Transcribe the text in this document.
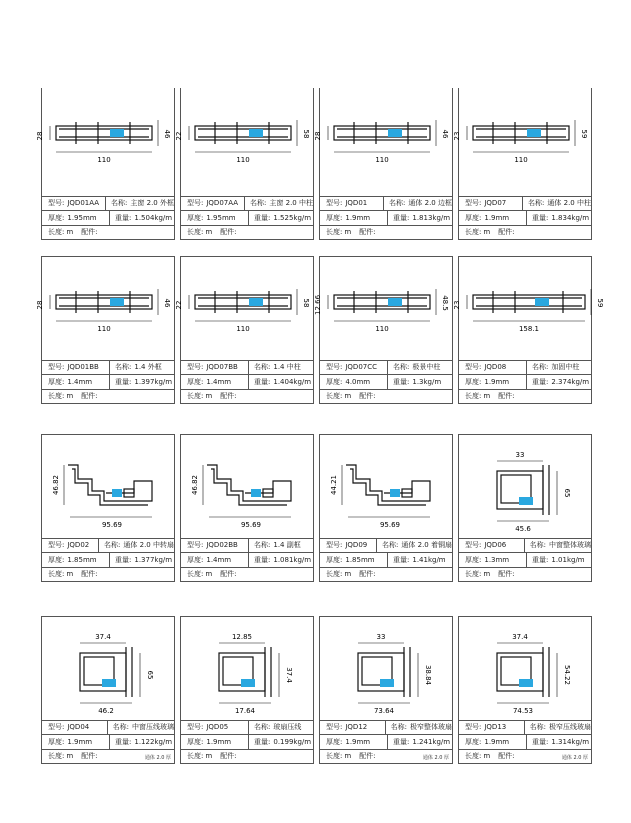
28	46
110
型号: JQD01AA	名称: 主窗 2.0 外框
厚度: 1.95mm	重量: 1.504kg/m
长度: m	配件:
22	58
110
型号: JQD07AA	名称: 主窗 2.0 中柱
厚度: 1.95mm	重量: 1.525kg/m
长度: m	配件:
28	46
110
型号: JQD01	名称: 通体 2.0 边框
厚度: 1.9mm	重量: 1.813kg/m
长度: m	配件:
23	59
110
型号: JQD07	名称: 通体 2.0 中柱
厚度: 1.9mm	重量: 1.834kg/m
长度: m	配件:
28	46
110
型号: JQD01BB	名称: 1.4 外框
厚度: 1.4mm	重量: 1.397kg/m
长度: m	配件:
22	58
110
型号: JQD07BB	名称: 1.4 中柱
厚度: 1.4mm	重量: 1.404kg/m
长度: m	配件:
12.66	48.5
110
型号: JQD07CC	名称: 极景中柱
厚度: 4.0mm	重量: 1.3kg/m
长度: m	配件:
23	59
158.1
型号: JQD08	名称: 加固中柱
厚度: 1.9mm	重量: 2.374kg/m
长度: m	配件:
46.82
95.69
型号: JQD02	名称: 通体 2.0 中转扇
厚度: 1.85mm	重量: 1.377kg/m
长度: m	配件:
46.82
95.69
型号: JQD02BB	名称: 1.4 副框
厚度: 1.4mm	重量: 1.081kg/m
长度: m	配件:
44.21
95.69
型号: JQD09	名称: 通体 2.0 着铜扇
厚度: 1.85mm	重量: 1.41kg/m
长度: m	配件:
33
65
45.6
型号: JQD06	名称: 中窗整体玻璃
厚度: 1.3mm	重量: 1.01kg/m
长度: m	配件:
37.4
65
46.2
通体 2.0 厚
型号: JQD04	名称: 中窗压线玻璃
厚度: 1.9mm	重量: 1.122kg/m
长度: m	配件:
12.85
37.4
17.64
型号: JQD05	名称: 玻扇压线
厚度: 1.9mm	重量: 0.199kg/m
长度: m	配件:
33
38.84
73.64
通体 2.0 厚
型号: JQD12	名称: 极窄整体玻扇
厚度: 1.9mm	重量: 1.241kg/m
长度: m	配件:
37.4
54.22
74.53
通体 2.0 厚
型号: JQD13	名称: 极窄压线玻扇
厚度: 1.9mm	重量: 1.314kg/m
长度: m	配件:
